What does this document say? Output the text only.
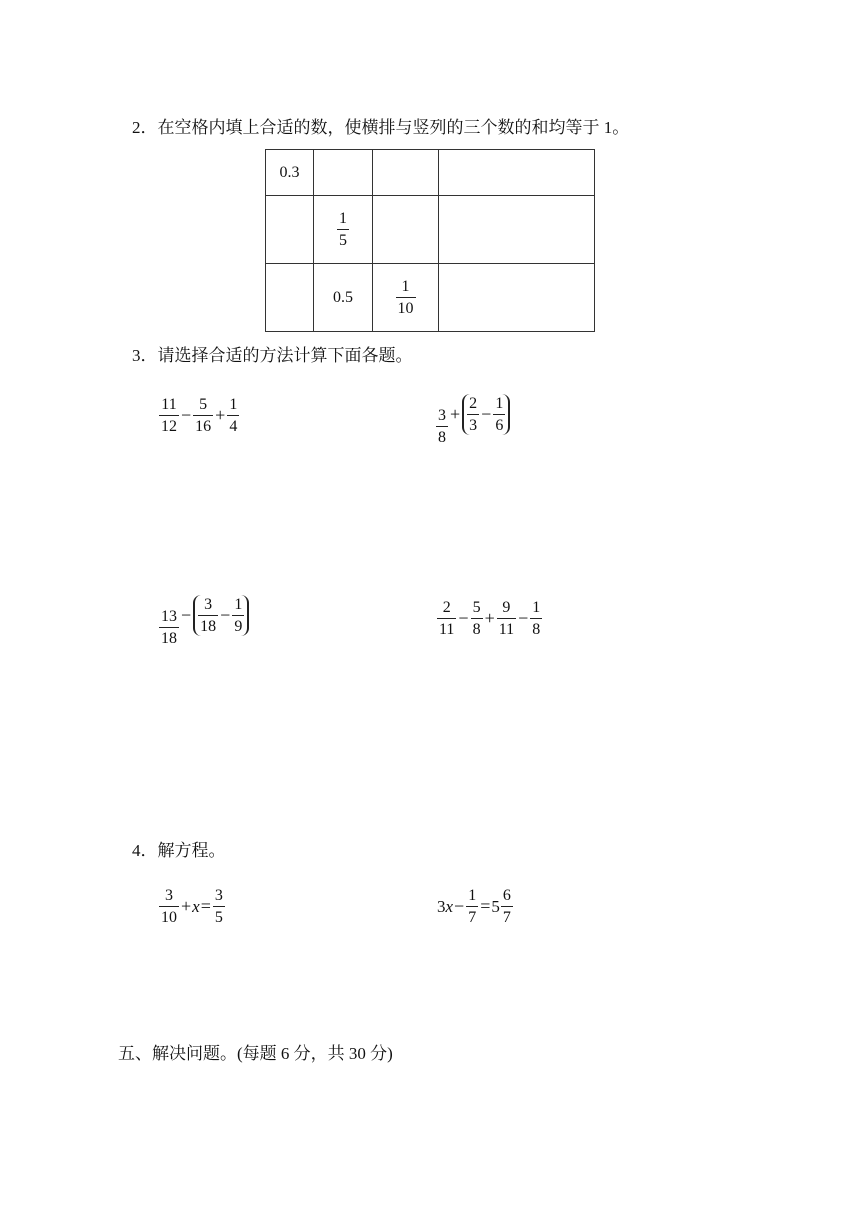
2．在空格内填上合适的数，使横排与竖列的三个数的和均等于 1。
0.3			

	$\frac{1}{5}$

	0.5	$\frac{1}{10}$

3．请选择合适的方法计算下面各题。
$\frac{11}{12} - \frac{5}{16} + \frac{1}{4}$	$\frac{3}{8} + \frac{2}{3} - \frac{1}{6}$
$\frac{13}{18} - \frac{3}{18} - \frac{1}{9}$	$\frac{2}{11} - \frac{5}{8} + \frac{9}{11} - \frac{1}{8}$
4．解方程。
$\frac{3}{10} + x = \frac{3}{5}$	3 $x - \frac{1}{7} = 5 \frac{6}{7}$
五、解决问题。(每题 6 分，共 30 分)
